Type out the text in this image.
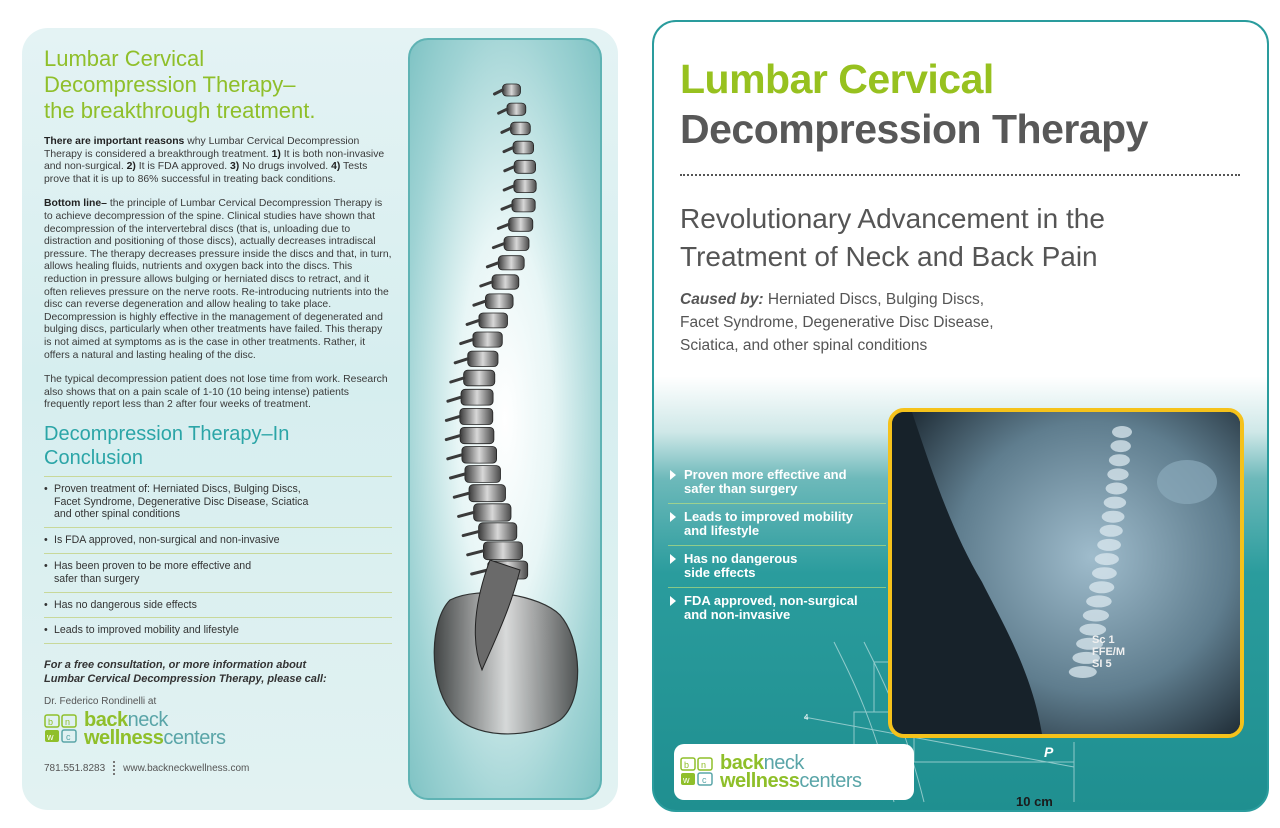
Lumbar Cervical
Decompression Therapy–
the breakthrough treatment.

There are important reasons why Lumbar Cervical Decompression Therapy is considered a breakthrough treatment. 1) It is both non-invasive and non-surgical. 2) It is FDA approved. 3) No drugs involved. 4) Tests prove that it is up to 86% successful in treating back conditions.

Bottom line– the principle of Lumbar Cervical Decompression Therapy is to achieve decompression of the spine. Clinical studies have shown that decompression of the intervertebral discs (that is, unloading due to distraction and positioning of those discs), actually decreases intradiscal pressure. The therapy decreases pressure inside the discs and that, in turn, allows healing fluids, nutrients and oxygen back into the discs. This reduction in pressure allows bulging or herniated discs to retract, and it often relieves pressure on the nerve roots. Re-introducing nutrients into the disc can reverse degeneration and allow healing to take place. Decompression is highly effective in the management of degenerated and bulging discs, particularly when other treatments have failed. This therapy is not aimed at symptoms as is the case in other treatments. Rather, it offers a natural and lasting healing of the disc.

The typical decompression patient does not lose time from work. Research also shows that on a pain scale of 1-10 (10 being intense) patients frequently report less than 2 after four weeks of treatment.

Decompression Therapy–In Conclusion
• Proven treatment of: Herniated Discs, Bulging Discs,
Facet Syndrome, Degenerative Disc Disease, Sciatica
and other spinal conditions
• Is FDA approved, non-surgical and non-invasive
• Has been proven to be more effective and
safer than surgery
• Has no dangerous side effects
• Leads to improved mobility and lifestyle
For a free consultation, or more information about
Lumbar Cervical Decompression Therapy, please call:
Dr. Federico Rondinelli at
b n
w c
backneck
wellnesscenters
781.551.8283 www.backneckwellness.com
Lumbar Cervical
Decompression Therapy
Revolutionary Advancement in the
Treatment of Neck and Back Pain
Caused by: Herniated Discs, Bulging Discs,
Facet Syndrome, Degenerative Disc Disease,
Sciatica, and other spinal conditions
4
Proven more effective and
safer than surgery
Leads to improved mobility
and lifestyle
Has no dangerous
side effects
FDA approved, non-surgical
and non-invasive
Sc 1
FFE/M
SI 5
P
10 cm
b n
w c
backneck
wellnesscenters
